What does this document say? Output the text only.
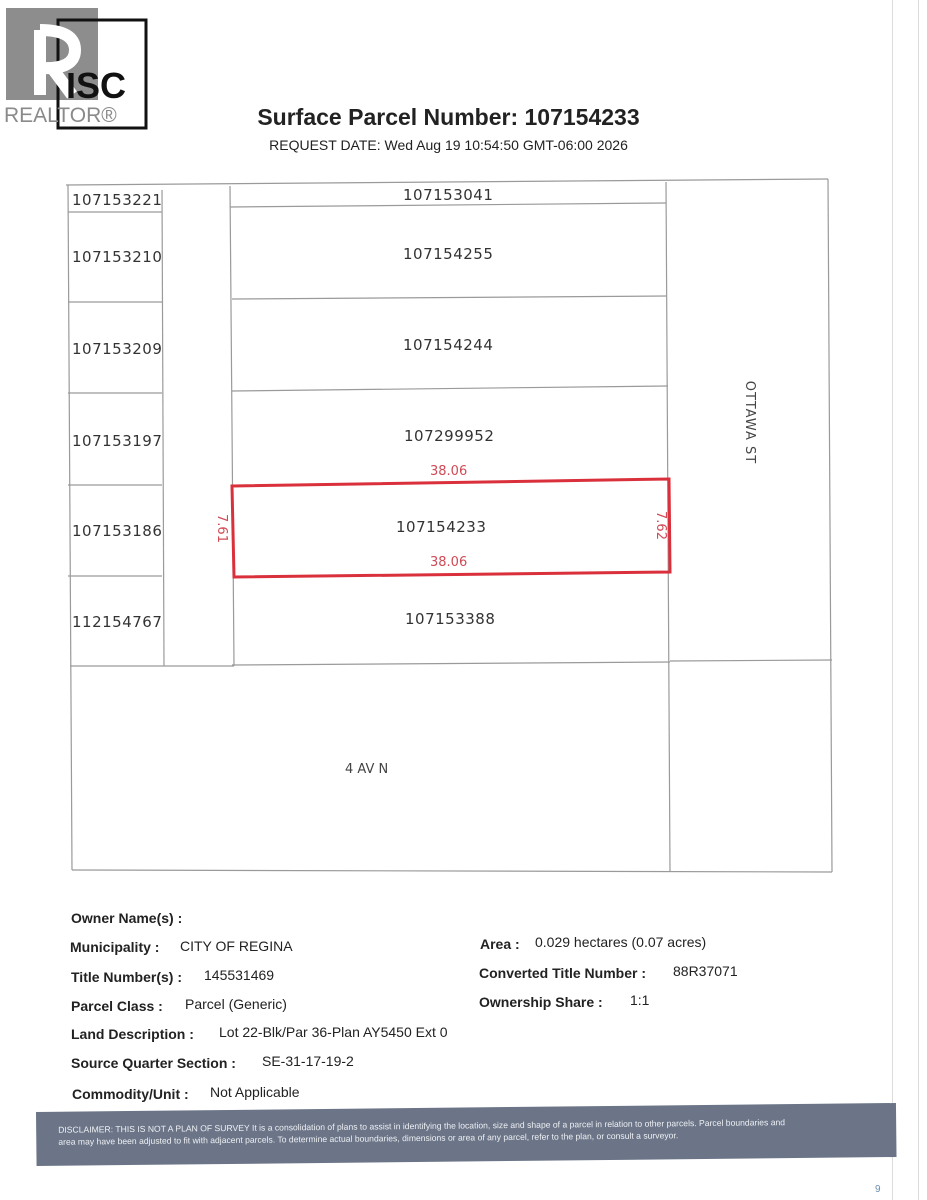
ISC
REALTOR®	Surface Parcel Number: 107154233
REQUEST DATE: Wed Aug 19 10:54:50 GMT-06:00 2026
107153221
107153210
107153209
107153197
107153186
112154767
107153041
107154255
107154244
107299952
107154233
107153388
38.06
38.06
7.61	7.62
OTTAWA ST
4 AV N
Owner Name(s) :
Municipality : CITY OF REGINA
Title Number(s) : 145531469
Parcel Class : Parcel (Generic)
Land Description : Lot 22-Blk/Par 36-Plan AY5450 Ext 0
Source Quarter Section : SE-31-17-19-2
Commodity/Unit : Not Applicable
Area : 0.029 hectares (0.07 acres)
Converted Title Number : 88R37071
Ownership Share : 1:1
DISCLAIMER: THIS IS NOT A PLAN OF SURVEY It is a consolidation of plans to assist in identifying the location, size and shape of a parcel in relation to other parcels. Parcel boundaries and
area may have been adjusted to fit with adjacent parcels. To determine actual boundaries, dimensions or area of any parcel, refer to the plan, or consult a surveyor.
9
